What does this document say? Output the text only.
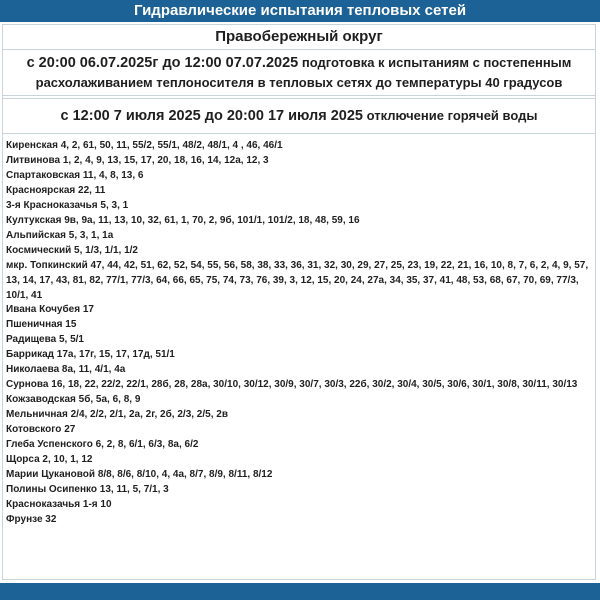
Гидравлические испытания тепловых сетей
Правобережный округ
с 20:00 06.07.2025г до 12:00 07.07.2025 подготовка к испытаниям с постепенным
расхолаживанием теплоносителя в тепловых сетях до температуры 40 градусов
с 12:00 7 июля 2025 до 20:00 17 июля 2025 отключение горячей воды
Киренская 4, 2, 61, 50, 11, 55/2, 55/1, 48/2, 48/1, 4 , 46, 46/1
Литвинова 1, 2, 4, 9, 13, 15, 17, 20, 18, 16, 14, 12а, 12, 3
Спартаковская 11, 4, 8, 13, 6
Красноярская 22, 11
3-я Красноказачья 5, 3, 1
Култукская 9в, 9а, 11, 13, 10, 32, 61, 1, 70, 2, 9б, 101/1, 101/2, 18, 48, 59, 16
Альпийская 5, 3, 1, 1а
Космический 5, 1/3, 1/1, 1/2
мкр. Топкинский 47, 44, 42, 51, 62, 52, 54, 55, 56, 58, 38, 33, 36, 31, 32, 30, 29, 27, 25, 23, 19, 22, 21, 16, 10, 8, 7, 6, 2, 4, 9, 57, 13, 14, 17, 43, 81, 82, 77/1, 77/3, 64, 66, 65, 75, 74, 73, 76, 39, 3, 12, 15, 20, 24, 27а, 34, 35, 37, 41, 48, 53, 68, 67, 70, 69, 77/3, 10/1, 41
Ивана Кочубея 17
Пшеничная 15
Радищева 5, 5/1
Баррикад 17а, 17г, 15, 17, 17д, 51/1
Николаева 8а, 11, 4/1, 4а
Сурнова 16, 18, 22, 22/2, 22/1, 28б, 28, 28а, 30/10, 30/12, 30/9, 30/7, 30/3, 22б, 30/2, 30/4, 30/5, 30/6, 30/1, 30/8, 30/11, 30/13
Кожзаводская 5б, 5а, 6, 8, 9
Мельничная 2/4, 2/2, 2/1, 2а, 2г, 2б, 2/3, 2/5, 2в
Котовского 27
Глеба Успенского 6, 2, 8, 6/1, 6/3, 8а, 6/2
Щорса 2, 10, 1, 12
Марии Цукановой 8/8, 8/6, 8/10, 4, 4а, 8/7, 8/9, 8/11, 8/12
Полины Осипенко 13, 11, 5, 7/1, 3
Красноказачья 1-я 10
Фрунзе 32
